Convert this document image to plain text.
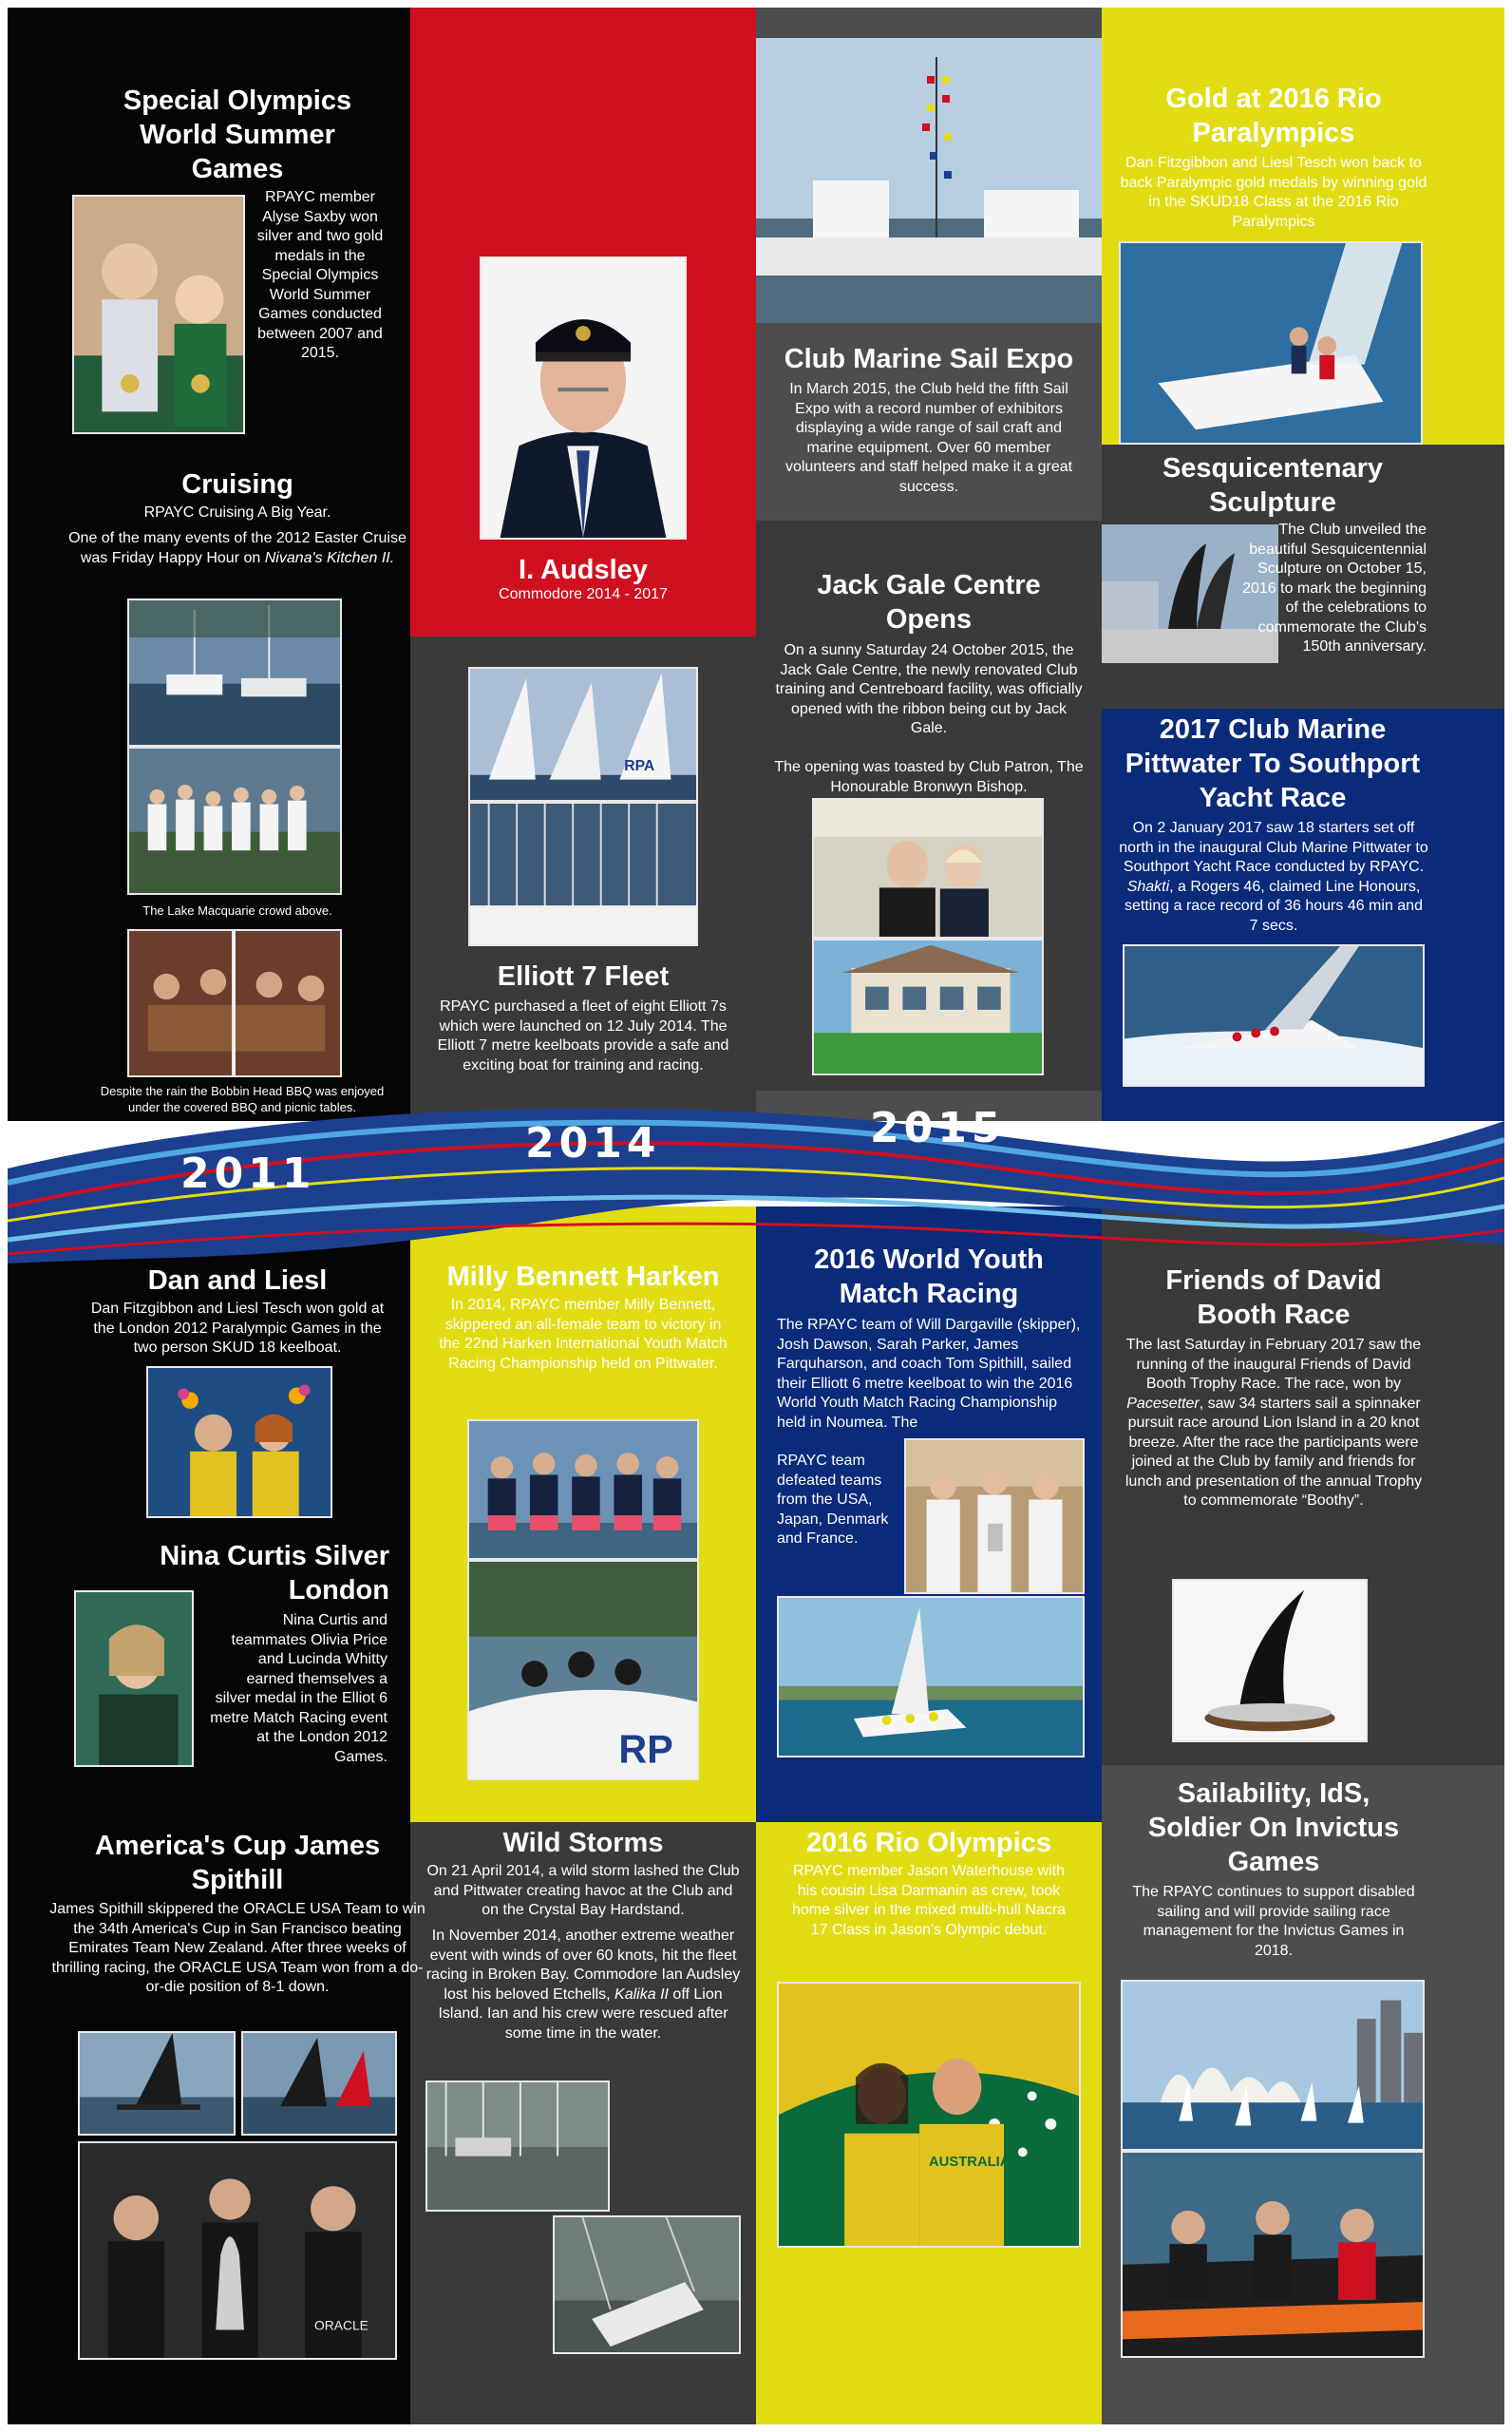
2011
2014	2015	2017
Special Olympics World Summer Games
RPAYC member Alyse Saxby won silver and two gold medals in the Special Olympics World Summer Games conducted between 2007 and 2015.
Cruising
RPAYC Cruising A Big Year.
One of the many events of the 2012 Easter Cruise was Friday Happy Hour on Nivana's Kitchen II.
The Lake Macquarie crowd above.
Despite the rain the Bobbin Head BBQ was enjoyed under the covered BBQ and picnic tables.
I. Audsley
Commodore 2014 - 2017
RPA
Elliott 7 Fleet
RPAYC purchased a fleet of eight Elliott 7s which were launched on 12 July 2014. The Elliott 7 metre keelboats provide a safe and exciting boat for training and racing.
Club Marine Sail Expo
In March 2015, the Club held the fifth Sail Expo with a record number of exhibitors displaying a wide range of sail craft and marine equipment. Over 60 member volunteers and staff helped make it a great success.
Jack Gale Centre Opens
On a sunny Saturday 24 October 2015, the Jack Gale Centre, the newly renovated Club training and Centreboard facility, was officially opened with the ribbon being cut by Jack Gale.
The opening was toasted by Club Patron, The Honourable Bronwyn Bishop.
Gold at 2016 Rio Paralympics
Dan Fitzgibbon and Liesl Tesch won back to back Paralympic gold medals by winning gold in the SKUD18 Class at the 2016 Rio Paralympics
Sesquicentenary Sculpture
The Club unveiled the beautiful Sesquicentennial Sculpture on October 15, 2016 to mark the beginning of the celebrations to commemorate the Club's 150th anniversary.
2017 Club Marine Pittwater To Southport Yacht Race
On 2 January 2017 saw 18 starters set off north in the inaugural Club Marine Pittwater to Southport Yacht Race conducted by RPAYC. Shakti, a Rogers 46, claimed Line Honours, setting a race record of 36 hours 46 min and 7 secs.
Dan and Liesl
Dan Fitzgibbon and Liesl Tesch won gold at the London 2012 Paralympic Games in the two person SKUD 18 keelboat.
Nina Curtis Silver London
Nina Curtis and teammates Olivia Price and Lucinda Whitty earned themselves a silver medal in the Elliot 6 metre Match Racing event at the London 2012 Games.
America's Cup James Spithill
James Spithill skippered the ORACLE USA Team to win the 34th America's Cup in San Francisco beating Emirates Team New Zealand. After three weeks of thrilling racing, the ORACLE USA Team won from a do-or-die position of 8-1 down.
ORACLE
Milly Bennett Harken
In 2014, RPAYC member Milly Bennett, skippered an all-female team to victory in the 22nd Harken International Youth Match Racing Championship held on Pittwater.
RP
Wild Storms
On 21 April 2014, a wild storm lashed the Club and Pittwater creating havoc at the Club and on the Crystal Bay Hardstand.
In November 2014, another extreme weather event with winds of over 60 knots, hit the fleet racing in Broken Bay. Commodore Ian Audsley lost his beloved Etchells, Kalika II off Lion Island. Ian and his crew were rescued after some time in the water.
2016 World Youth Match Racing
The RPAYC team of Will Dargaville (skipper), Josh Dawson, Sarah Parker, James Farquharson, and coach Tom Spithill, sailed their Elliott 6 metre keelboat to win the 2016 World Youth Match Racing Championship held in Noumea. The
RPAYC team defeated teams from the USA, Japan, Denmark and France.
2016 Rio Olympics
RPAYC member Jason Waterhouse with his cousin Lisa Darmanin as crew, took home silver in the mixed multi-hull Nacra 17 Class in Jason's Olympic debut.
AUSTRALIA
Friends of David Booth Race
The last Saturday in February 2017 saw the running of the inaugural Friends of David Booth Trophy Race. The race, won by Pacesetter, saw 34 starters sail a spinnaker pursuit race around Lion Island in a 20 knot breeze. After the race the participants were joined at the Club by family and friends for lunch and presentation of the annual Trophy to commemorate “Boothy”.
Sailability, IdS, Soldier On Invictus Games
The RPAYC continues to support disabled sailing and will provide sailing race management for the Invictus Games in 2018.
